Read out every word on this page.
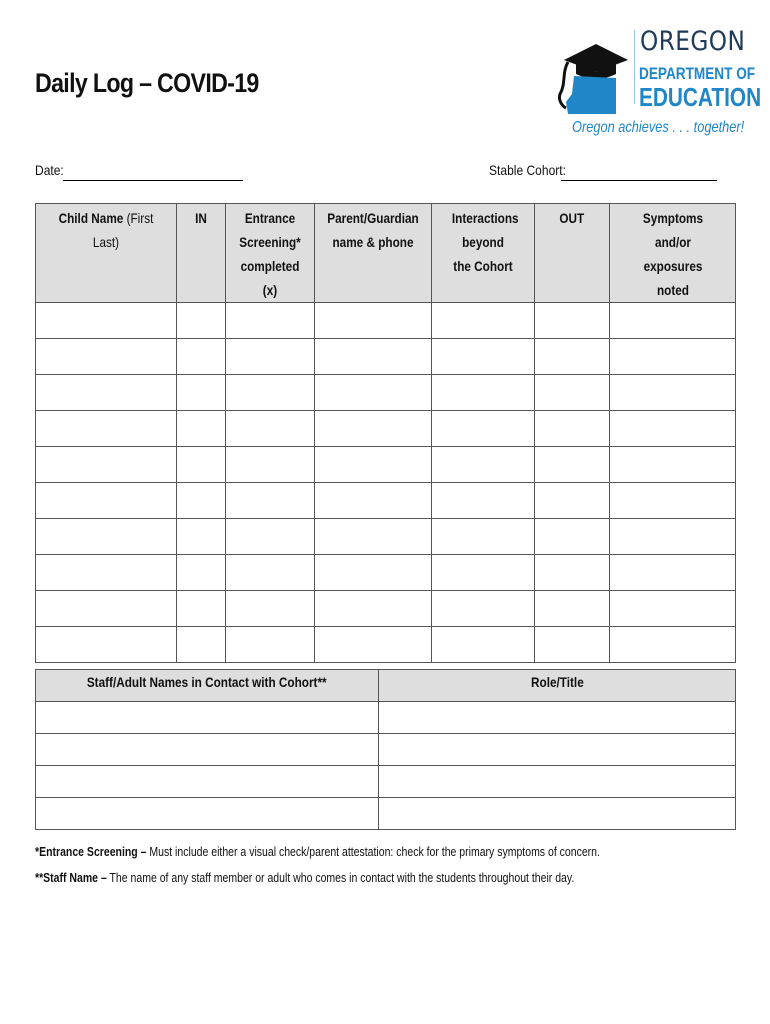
Daily Log – COVID-19
OREGON
DEPARTMENT OF
EDUCATION
Oregon achieves . . . together!
Date:	Stable Cohort:
Child Name (First Last)	IN	Entrance Screening* completed (x)	Parent/Guardian name & phone	Interactions beyond the Cohort	OUT	Symptoms and/or exposures noted

Staff/Adult Names in Contact with Cohort**	Role/Title

*Entrance Screening – Must include either a visual check/parent attestation: check for the primary symptoms of concern.
**Staff Name – The name of any staff member or adult who comes in contact with the students throughout their day.
